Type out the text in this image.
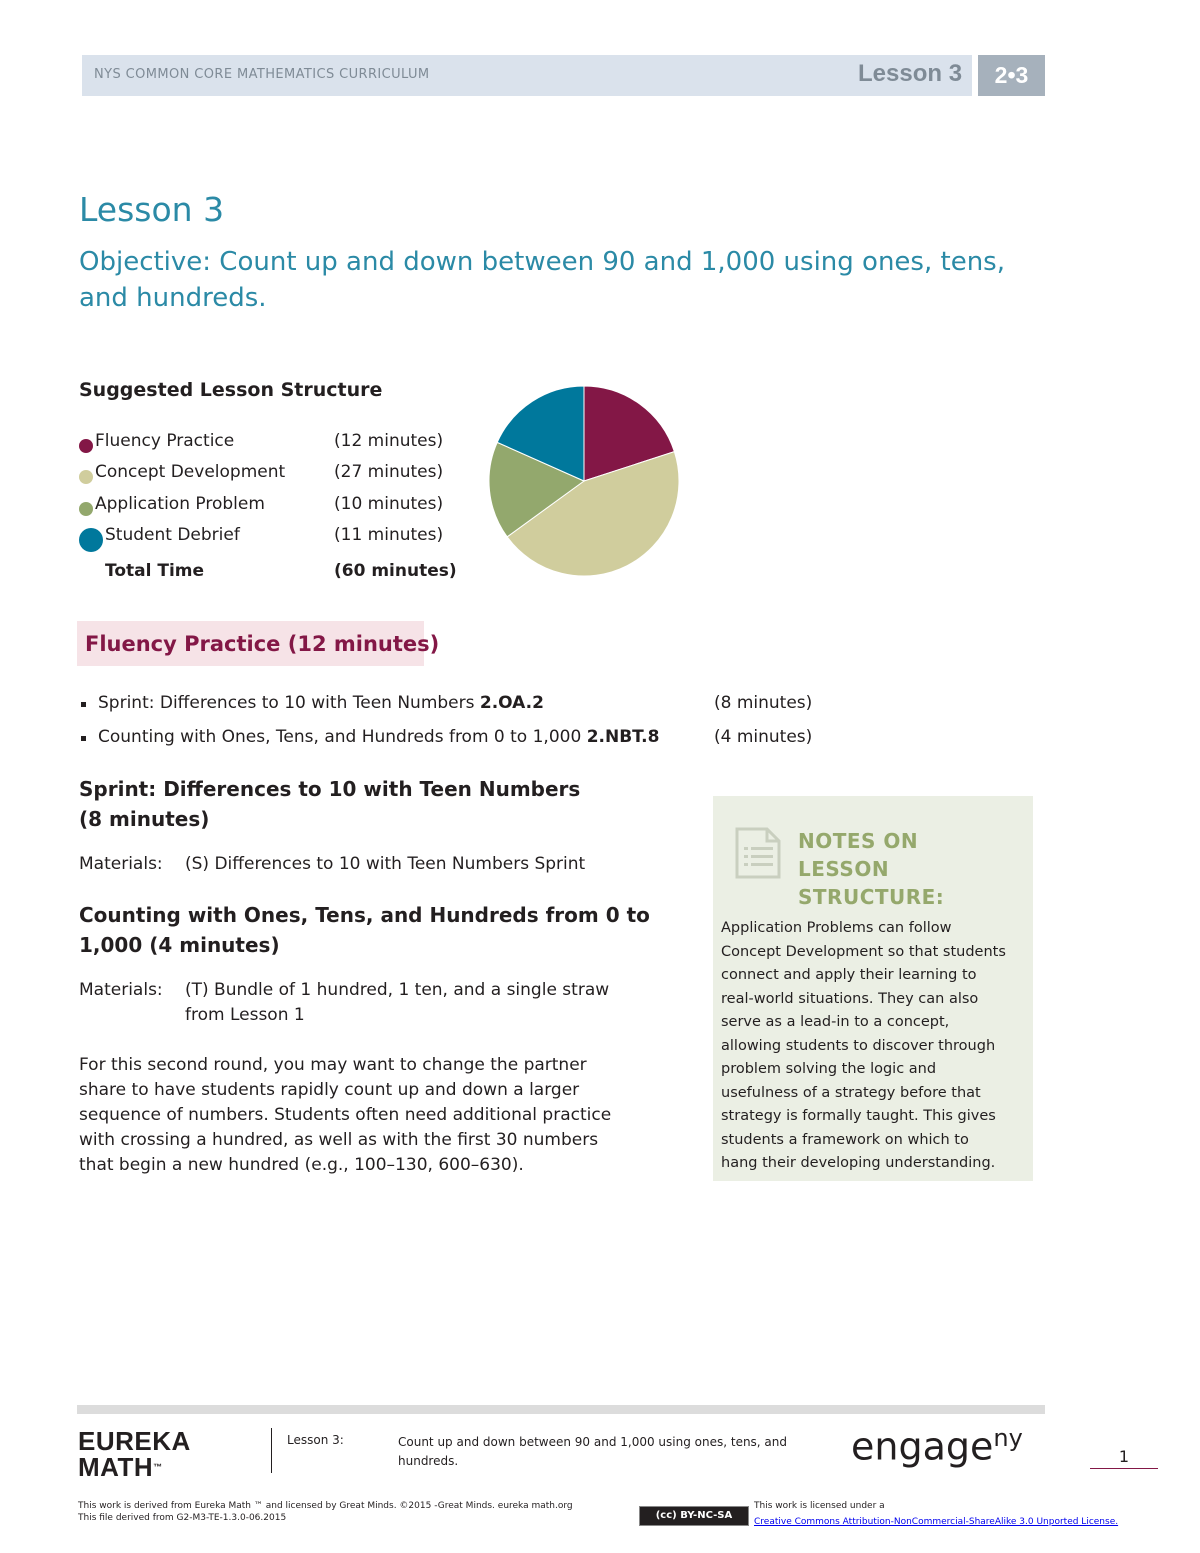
NYS COMMON CORE MATHEMATICS CURRICULUM	Lesson 3	2•3
Lesson 3
Objective: Count up and down between 90 and 1,000 using ones, tens, and hundreds.
Suggested Lesson Structure
Fluency Practice	(12 minutes)
Concept Development	(27 minutes)
Application Problem	(10 minutes)
Student Debrief	(11 minutes)
Total Time	(60 minutes)
Fluency Practice (12 minutes)
Sprint: Differences to 10 with Teen Numbers 2.OA.2	(8 minutes)
Counting with Ones, Tens, and Hundreds from 0 to 1,000 2.NBT.8	(4 minutes)
Sprint: Differences to 10 with Teen Numbers
(8 minutes)
Materials: (S) Differences to 10 with Teen Numbers Sprint
Counting with Ones, Tens, and Hundreds from 0 to
1,000 (4 minutes)
Materials: (T) Bundle of 1 hundred, 1 ten, and a single straw
from Lesson 1
For this second round, you may want to change the partner
share to have students rapidly count up and down a larger
sequence of numbers. Students often need additional practice
with crossing a hundred, as well as with the first 30 numbers
that begin a new hundred (e.g., 100–130, 600–630).
NOTES ON
LESSON
STRUCTURE:
Application Problems can follow
Concept Development so that students
connect and apply their learning to
real-world situations. They can also
serve as a lead-in to a concept,
allowing students to discover through
problem solving the logic and
usefulness of a strategy before that
strategy is formally taught. This gives
students a framework on which to
hang their developing understanding.
EUREKA
MATH™
Lesson 3:	Count up and down between 90 and 1,000 using ones, tens, and hundreds.	engage$^{ny}$
1
This work is derived from Eureka Math ™ and licensed by Great Minds. ©2015 -Great Minds. eureka math.org
This file derived from G2-M3-TE-1.3.0-06.2015	(cc) BY-NC-SA
This work is licensed under a
Creative Commons Attribution-NonCommercial-ShareAlike 3.0 Unported License.
